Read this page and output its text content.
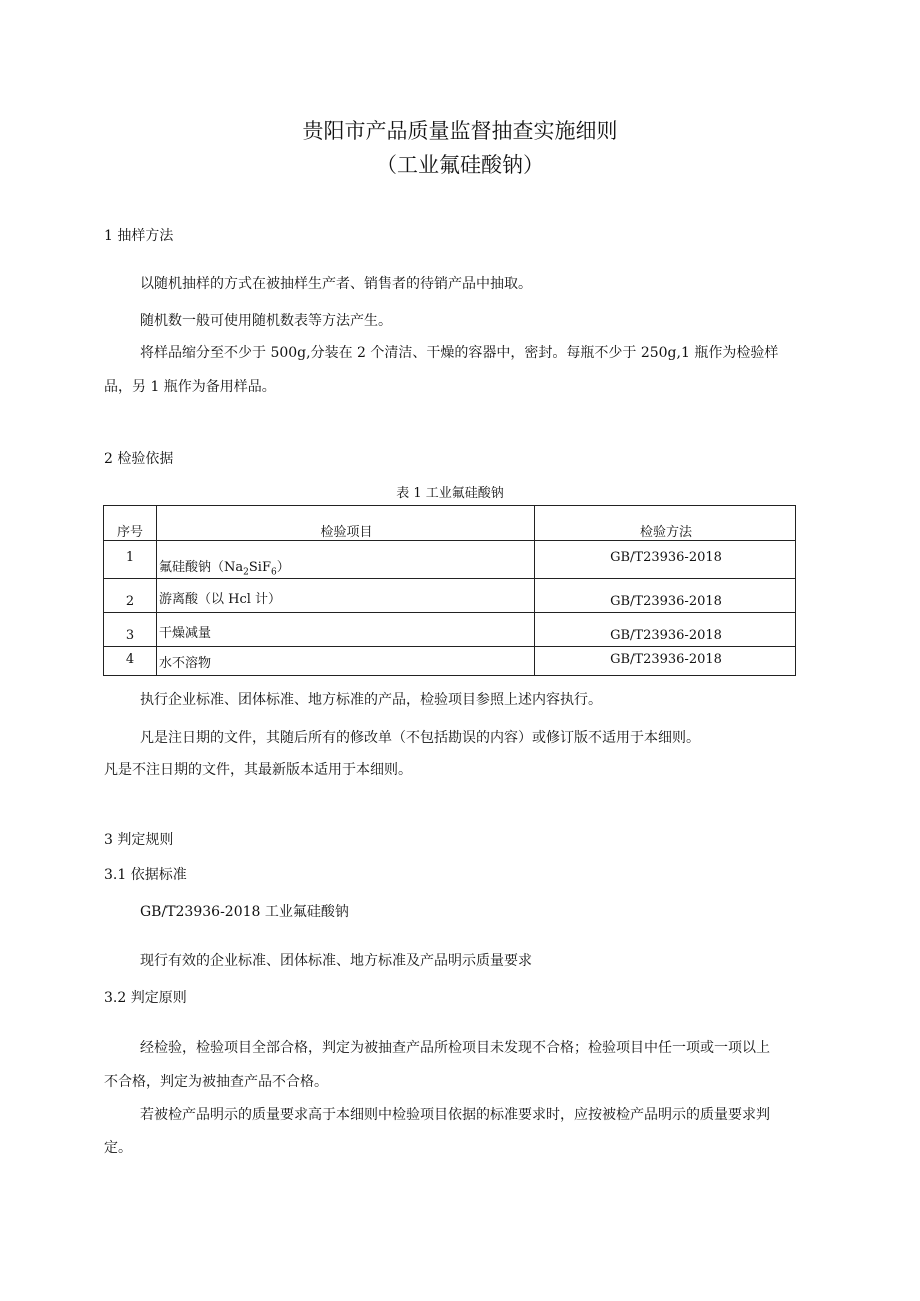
贵阳市产品质量监督抽查实施细则
（工业氟硅酸钠）
1 抽样方法
以随机抽样的方式在被抽样生产者、销售者的待销产品中抽取。
随机数一般可使用随机数表等方法产生。
将样品缩分至不少于 500g,分装在 2 个清洁、干燥的容器中，密封。每瓶不少于 250g,1 瓶作为检验样
品，另 1 瓶作为备用样品。
2 检验依据
表 1 工业氟硅酸钠
序号	检验项目	检验方法

1	氟硅酸钠$(Na_2SiF_6)$	GB/T23936-2018

2	游离酸（以 Hcl 计）	GB/T23936-2018

3	干燥减量	GB/T23936-2018

4	水不溶物	GB/T23936-2018
执行企业标准、团体标准、地方标准的产品，检验项目参照上述内容执行。
凡是注日期的文件，其随后所有的修改单（不包括勘误的内容）或修订版不适用于本细则。
凡是不注日期的文件，其最新版本适用于本细则。
3 判定规则
3.1 依据标准
GB/T23936-2018 工业氟硅酸钠
现行有效的企业标准、团体标准、地方标准及产品明示质量要求
3.2 判定原则
经检验，检验项目全部合格，判定为被抽查产品所检项目未发现不合格；检验项目中任一项或一项以上
不合格，判定为被抽查产品不合格。
若被检产品明示的质量要求高于本细则中检验项目依据的标准要求时，应按被检产品明示的质量要求判
定。
